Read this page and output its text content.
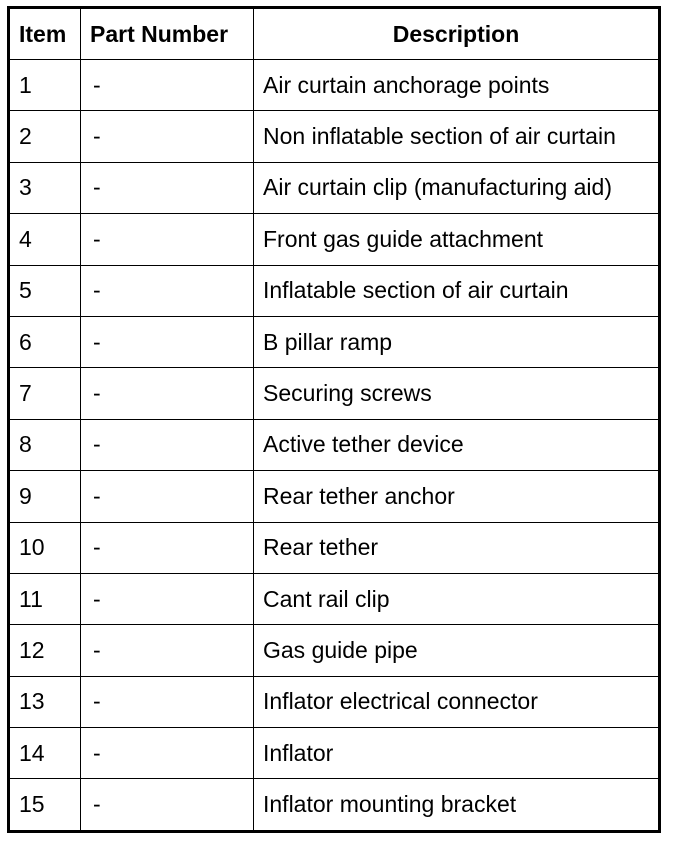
Item	Part Number	Description
1	-	Air curtain anchorage points
2	-	Non inflatable section of air curtain
3	-	Air curtain clip (manufacturing aid)
4	-	Front gas guide attachment
5	-	Inflatable section of air curtain
6	-	B pillar ramp
7	-	Securing screws
8	-	Active tether device
9	-	Rear tether anchor
10	-	Rear tether
11	-	Cant rail clip
12	-	Gas guide pipe
13	-	Inflator electrical connector
14	-	Inflator
15	-	Inflator mounting bracket
